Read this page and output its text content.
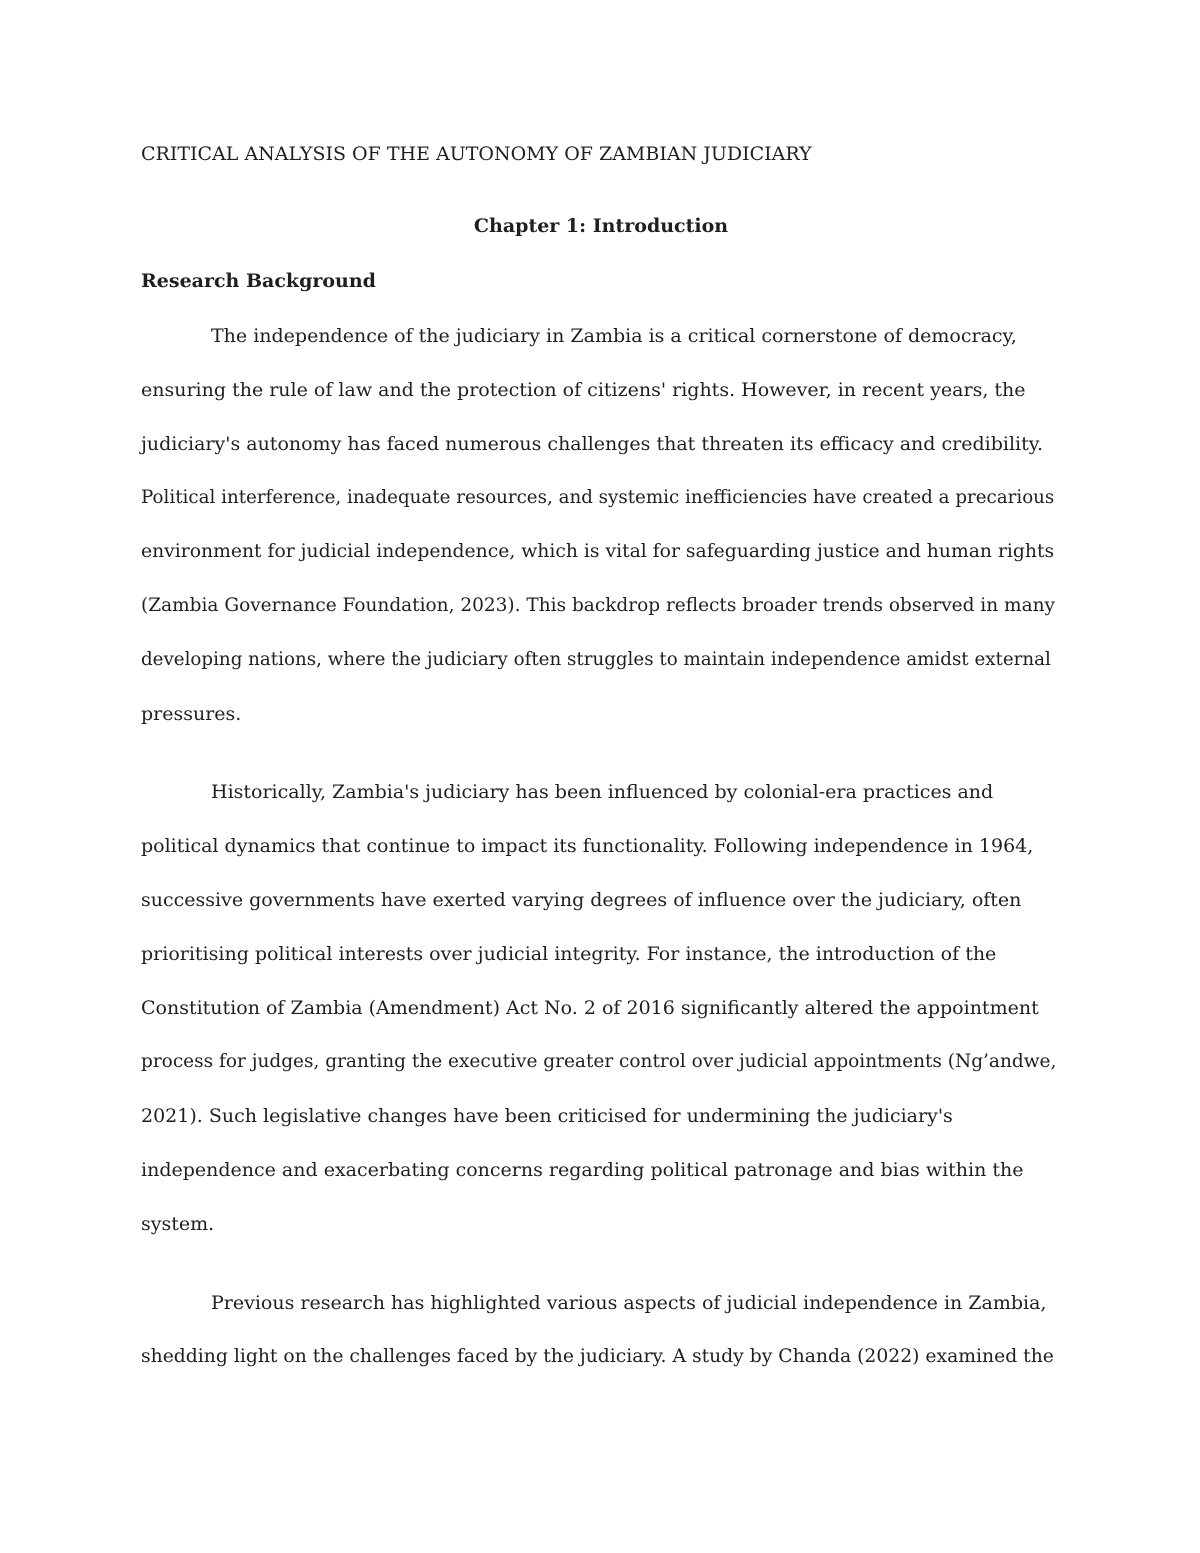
CRITICAL ANALYSIS OF THE AUTONOMY OF ZAMBIAN JUDICIARY
Chapter 1: Introduction
Research Background
The independence of the judiciary in Zambia is a critical cornerstone of democracy,
ensuring the rule of law and the protection of citizens' rights. However, in recent years, the
judiciary's autonomy has faced numerous challenges that threaten its efficacy and credibility.
Political interference, inadequate resources, and systemic inefficiencies have created a precarious
environment for judicial independence, which is vital for safeguarding justice and human rights
(Zambia Governance Foundation, 2023). This backdrop reflects broader trends observed in many
developing nations, where the judiciary often struggles to maintain independence amidst external
pressures.
Historically, Zambia's judiciary has been influenced by colonial-era practices and
political dynamics that continue to impact its functionality. Following independence in 1964,
successive governments have exerted varying degrees of influence over the judiciary, often
prioritising political interests over judicial integrity. For instance, the introduction of the
Constitution of Zambia (Amendment) Act No. 2 of 2016 significantly altered the appointment
process for judges, granting the executive greater control over judicial appointments (Ng’andwe,
2021). Such legislative changes have been criticised for undermining the judiciary's
independence and exacerbating concerns regarding political patronage and bias within the
system.
Previous research has highlighted various aspects of judicial independence in Zambia,
shedding light on the challenges faced by the judiciary. A study by Chanda (2022) examined the
